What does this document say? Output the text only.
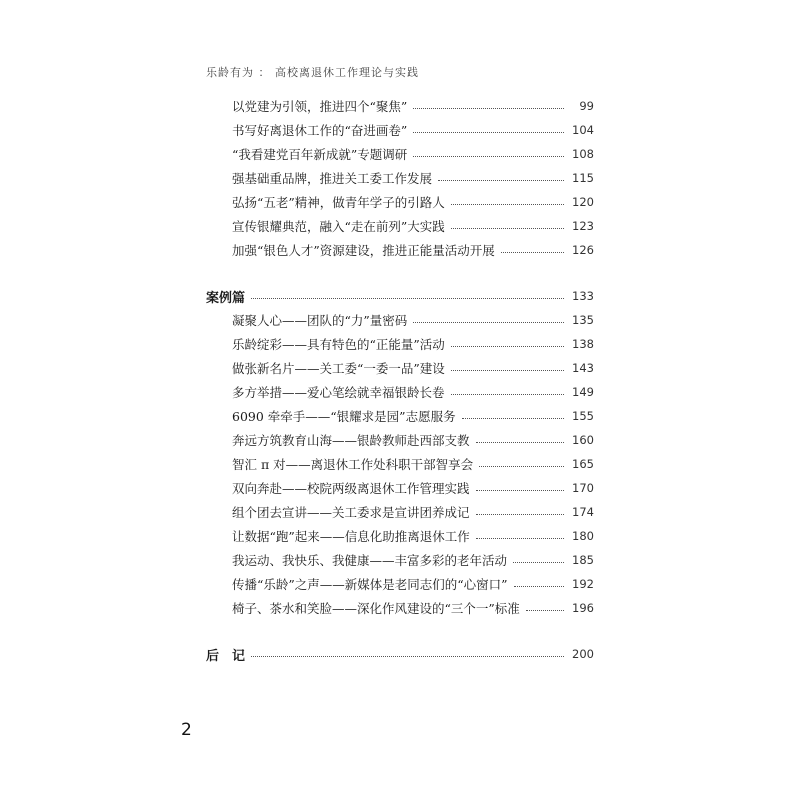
乐龄有为 ： 高校离退休工作理论与实践
以党建为引领，推进四个“聚焦”	99
书写好离退休工作的“奋进画卷”	104
“我看建党百年新成就”专题调研	108
强基础重品牌，推进关工委工作发展	115
弘扬“五老”精神，做青年学子的引路人	120
宣传银耀典范，融入“走在前列”大实践	123
加强“银色人才”资源建设，推进正能量活动开展	126
案例篇	133
凝聚人心——团队的“力”量密码	135
乐龄绽彩——具有特色的“正能量”活动	138
做张新名片——关工委“一委一品”建设	143
多方举措——爱心笔绘就幸福银龄长卷	149
6090 牵牵手——“银耀求是园”志愿服务	155
奔远方筑教育山海——银龄教师赴西部支教	160
智汇 π 对——离退休工作处科职干部智享会	165
双向奔赴——校院两级离退休工作管理实践	170
组个团去宣讲——关工委求是宣讲团养成记	174
让数据“跑”起来——信息化助推离退休工作	180
我运动、我快乐、我健康——丰富多彩的老年活动	185
传播“乐龄”之声——新媒体是老同志们的“心窗口”	192
椅子、茶水和笑脸——深化作风建设的“三个一”标准	196
后　记	200
2
